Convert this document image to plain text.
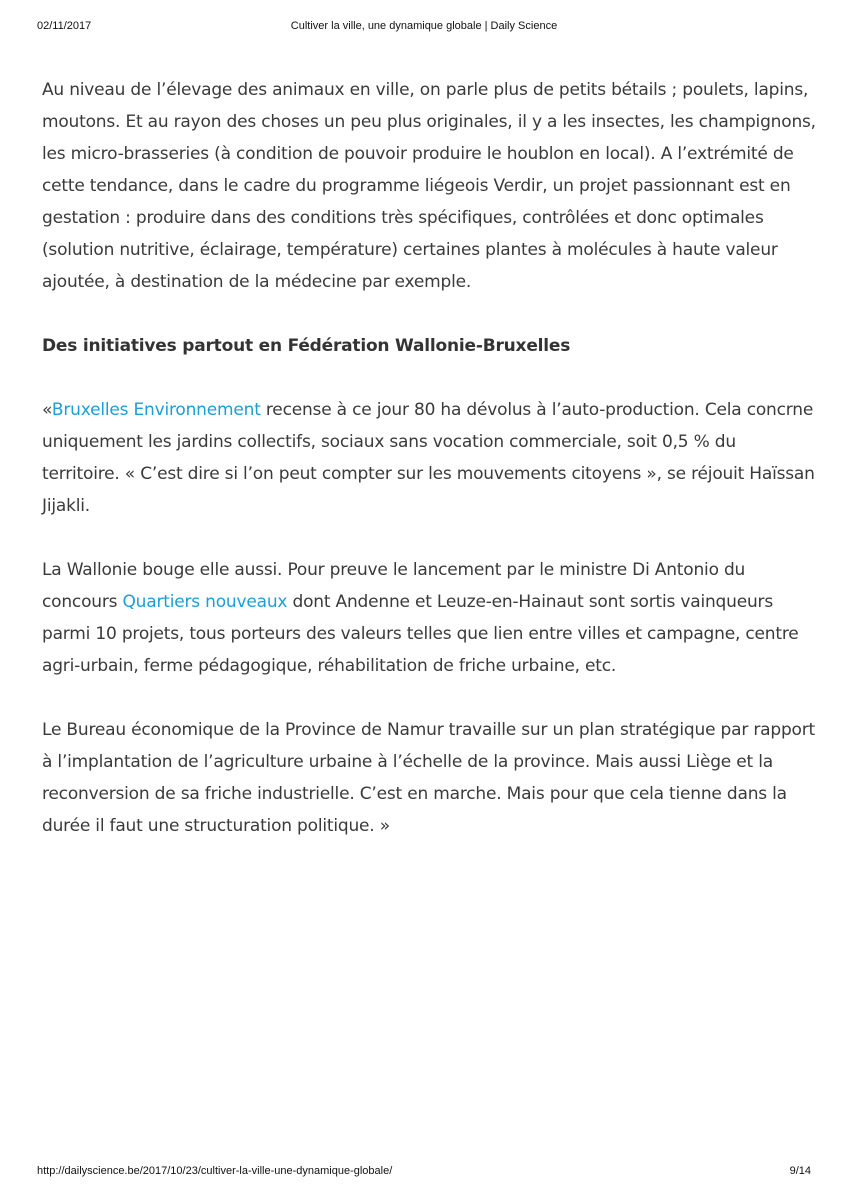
02/11/2017	Cultiver la ville, une dynamique globale | Daily Science

Au niveau de l’élevage des animaux en ville, on parle plus de petits bétails ; poulets, lapins, moutons. Et au rayon des choses un peu plus originales, il y a les insectes, les champignons, les micro-brasseries (à condition de pouvoir produire le houblon en local). A l’extrémité de cette tendance, dans le cadre du programme liégeois Verdir, un projet passionnant est en gestation : produire dans des conditions très spécifiques, contrôlées et donc optimales (solution nutritive, éclairage, température) certaines plantes à molécules à haute valeur ajoutée, à destination de la médecine par exemple.

Des initiatives partout en Fédération Wallonie-Bruxelles

«Bruxelles Environnement recense à ce jour 80 ha dévolus à l’auto-production. Cela concrne uniquement les jardins collectifs, sociaux sans vocation commerciale, soit 0,5 % du territoire. « C’est dire si l’on peut compter sur les mouvements citoyens », se réjouit Haïssan Jijakli.

La Wallonie bouge elle aussi. Pour preuve le lancement par le ministre Di Antonio du concours Quartiers nouveaux dont Andenne et Leuze-en-Hainaut sont sortis vainqueurs parmi 10 projets, tous porteurs des valeurs telles que lien entre villes et campagne, centre agri-urbain, ferme pédagogique, réhabilitation de friche urbaine, etc.

Le Bureau économique de la Province de Namur travaille sur un plan stratégique par rapport à l’implantation de l’agriculture urbaine à l’échelle de la province. Mais aussi Liège et la reconversion de sa friche industrielle. C’est en marche. Mais pour que cela tienne dans la durée il faut une structuration politique. »

http://dailyscience.be/2017/10/23/cultiver-la-ville-une-dynamique-globale/	9/14
